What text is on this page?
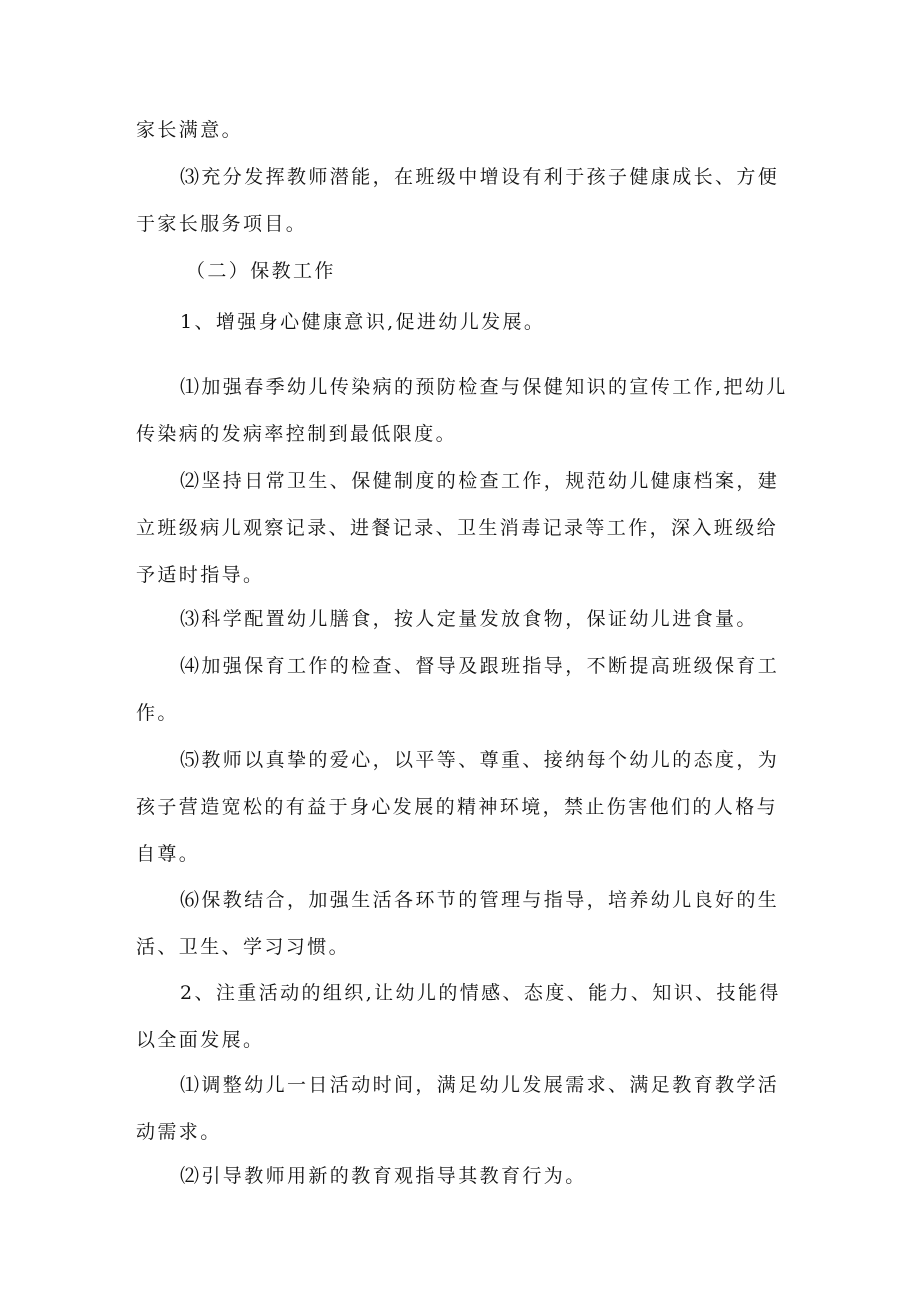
家长满意。

⑶充分发挥教师潜能，在班级中增设有利于孩子健康成长、方便于家长服务项目。

（二）保教工作

1、增强身心健康意识,促进幼儿发展。

⑴加强春季幼儿传染病的预防检查与保健知识的宣传工作,把幼儿传染病的发病率控制到最低限度。

⑵坚持日常卫生、保健制度的检查工作，规范幼儿健康档案，建立班级病儿观察记录、进餐记录、卫生消毒记录等工作，深入班级给予适时指导。

⑶科学配置幼儿膳食，按人定量发放食物，保证幼儿进食量。

⑷加强保育工作的检查、督导及跟班指导，不断提高班级保育工作。

⑸教师以真挚的爱心，以平等、尊重、接纳每个幼儿的态度，为孩子营造宽松的有益于身心发展的精神环境，禁止伤害他们的人格与自尊。

⑹保教结合，加强生活各环节的管理与指导，培养幼儿良好的生活、卫生、学习习惯。

2、注重活动的组织,让幼儿的情感、态度、能力、知识、技能得以全面发展。

⑴调整幼儿一日活动时间，满足幼儿发展需求、满足教育教学活动需求。

⑵引导教师用新的教育观指导其教育行为。
